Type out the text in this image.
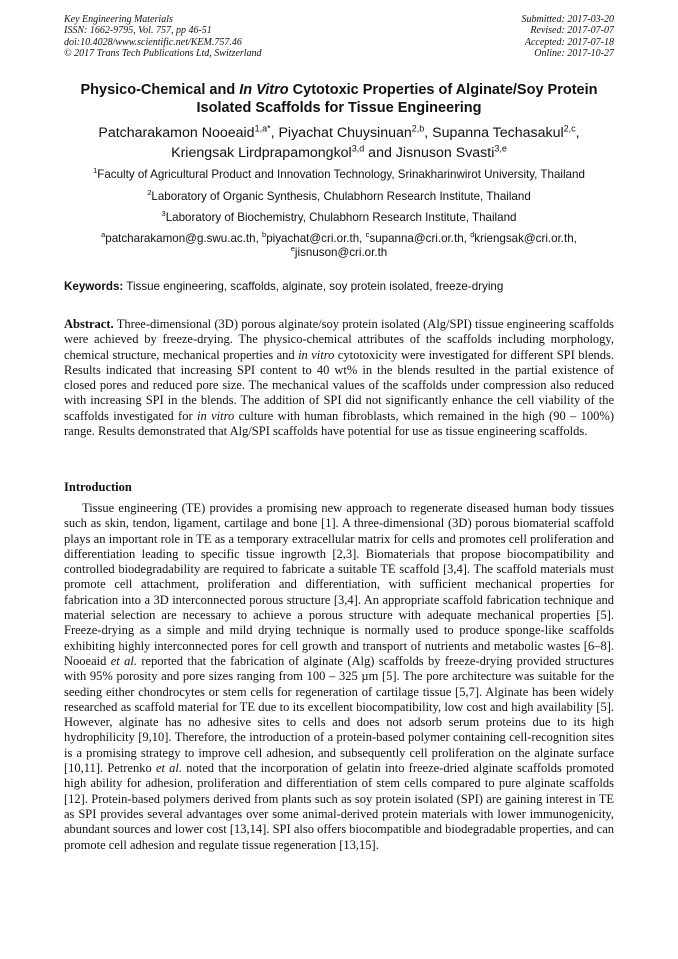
Key Engineering Materials
ISSN: 1662-9795, Vol. 757, pp 46-51
doi:10.4028/www.scientific.net/KEM.757.46
© 2017 Trans Tech Publications Ltd, Switzerland
Submitted: 2017-03-20
Revised: 2017-07-07
Accepted: 2017-07-18
Online: 2017-10-27
Physico-Chemical and In Vitro Cytotoxic Properties of Alginate/Soy Protein Isolated Scaffolds for Tissue Engineering
Patcharakamon Nooeaid$^{1,a*}$, Piyachat Chuysinuan$^{2,b}$, Supanna Techasakul$^{2,c}$,
Kriengsak Lirdprapamongkol$^{3,d}$ and Jisnuson Svasti$^{3,e}$
$^1$Faculty of Agricultural Product and Innovation Technology, Srinakharinwirot University, Thailand
$^2$Laboratory of Organic Synthesis, Chulabhorn Research Institute, Thailand
$^3$Laboratory of Biochemistry, Chulabhorn Research Institute, Thailand
$^a$patcharakamon@g.swu.ac.th, $^b$piyachat@cri.or.th, $^c$supanna@cri.or.th, $^d$kriengsak@cri.or.th,
$^e$jisnuson@cri.or.th
Keywords: Tissue engineering, scaffolds, alginate, soy protein isolated, freeze-drying
Abstract. Three-dimensional (3D) porous alginate/soy protein isolated (Alg/SPI) tissue engineering scaffolds were achieved by freeze-drying. The physico-chemical attributes of the scaffolds including morphology, chemical structure, mechanical properties and in vitro cytotoxicity were investigated for different SPI blends. Results indicated that increasing SPI content to 40 wt% in the blends resulted in the partial existence of closed pores and reduced pore size. The mechanical values of the scaffolds under compression also reduced with increasing SPI in the blends. The addition of SPI did not significantly enhance the cell viability of the scaffolds investigated for in vitro culture with human fibroblasts, which remained in the high (90 – 100%) range. Results demonstrated that Alg/SPI scaffolds have potential for use as tissue engineering scaffolds.
Introduction

Tissue engineering (TE) provides a promising new approach to regenerate diseased human body tissues such as skin, tendon, ligament, cartilage and bone [1]. A three-dimensional (3D) porous biomaterial scaffold plays an important role in TE as a temporary extracellular matrix for cells and promotes cell proliferation and differentiation leading to specific tissue ingrowth [2,3]. Biomaterials that propose biocompatibility and controlled biodegradability are required to fabricate a suitable TE scaffold [3,4]. The scaffold materials must promote cell attachment, proliferation and differentiation, with sufficient mechanical properties for fabrication into a 3D interconnected porous structure [3,4]. An appropriate scaffold fabrication technique and material selection are necessary to achieve a porous structure with adequate mechanical properties [5]. Freeze-drying as a simple and mild drying technique is normally used to produce sponge-like scaffolds exhibiting highly interconnected pores for cell growth and transport of nutrients and metabolic wastes [6–8]. Nooeaid et al. reported that the fabrication of alginate (Alg) scaffolds by freeze-drying provided structures with 95% porosity and pore sizes ranging from 100 – 325 µm [5]. The pore architecture was suitable for the seeding either chondrocytes or stem cells for regeneration of cartilage tissue [5,7]. Alginate has been widely researched as scaffold material for TE due to its excellent biocompatibility, low cost and high availability [5]. However, alginate has no adhesive sites to cells and does not adsorb serum proteins due to its high hydrophilicity [9,10]. Therefore, the introduction of a protein-based polymer containing cell-recognition sites is a promising strategy to improve cell adhesion, and subsequently cell proliferation on the alginate surface [10,11]. Petrenko et al. noted that the incorporation of gelatin into freeze-dried alginate scaffolds promoted high ability for adhesion, proliferation and differentiation of stem cells compared to pure alginate scaffolds [12]. Protein-based polymers derived from plants such as soy protein isolated (SPI) are gaining interest in TE as SPI provides several advantages over some animal-derived protein materials with lower immunogenicity, abundant sources and lower cost [13,14]. SPI also offers biocompatible and biodegradable properties, and can promote cell adhesion and regulate tissue regeneration [13,15].
